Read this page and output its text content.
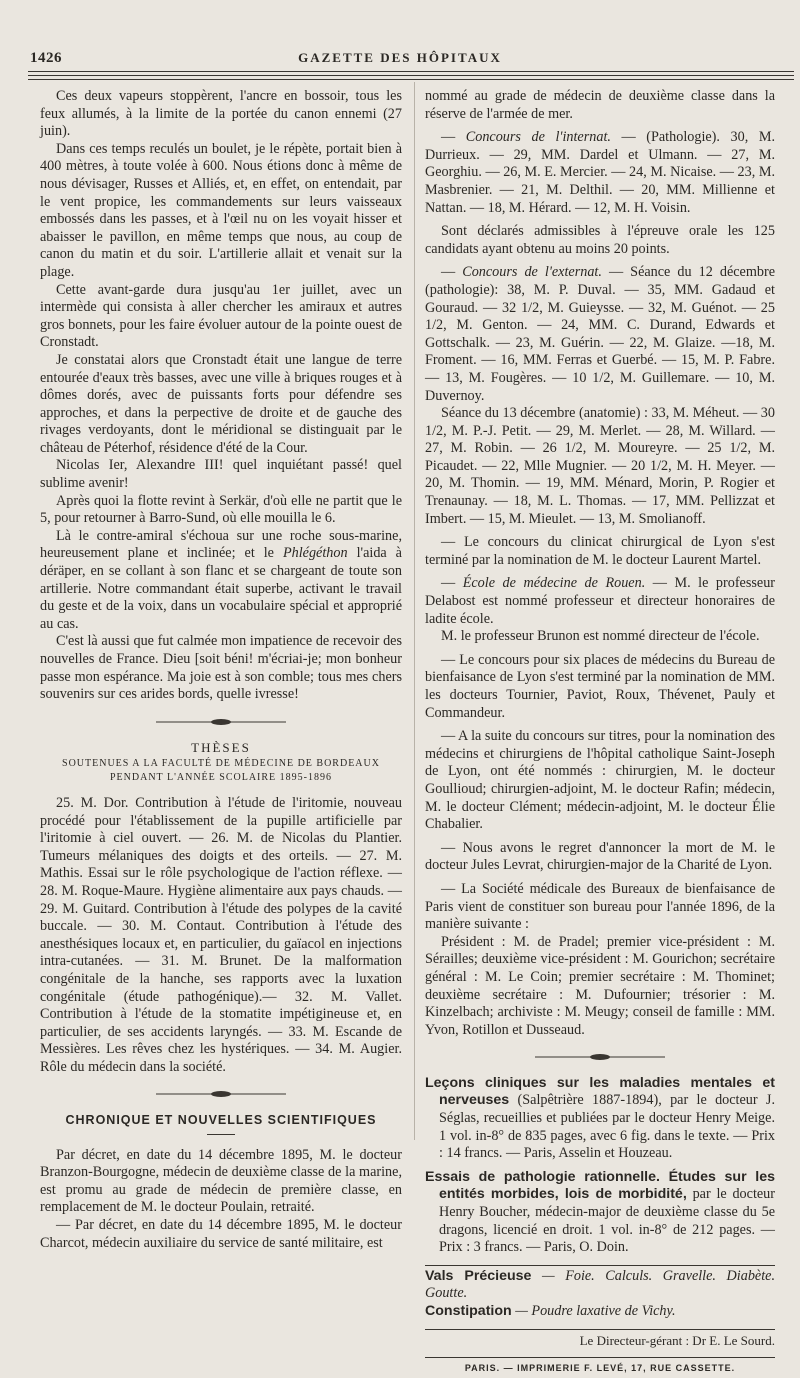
1426	GAZETTE DES HÔPITAUX

Ces deux vapeurs stoppèrent, l'ancre en bossoir, tous les feux allumés, à la limite de la portée du canon ennemi (27 juin).

Dans ces temps reculés un boulet, je le répète, portait bien à 400 mètres, à toute volée à 600. Nous étions donc à même de nous dévisager, Russes et Alliés, et, en effet, on entendait, par le vent propice, les commandements sur leurs vaisseaux embossés dans les passes, et à l'œil nu on les voyait hisser et abaisser le pavillon, en même temps que nous, au coup de canon du matin et du soir. L'artillerie allait et venait sur la plage.

Cette avant-garde dura jusqu'au 1er juillet, avec un intermède qui consista à aller chercher les amiraux et autres gros bonnets, pour les faire évoluer autour de la pointe ouest de Cronstadt.

Je constatai alors que Cronstadt était une langue de terre entourée d'eaux très basses, avec une ville à briques rouges et à dômes dorés, avec de puissants forts pour défendre ses approches, et dans la perpective de droite et de gauche des rivages verdoyants, dont le méridional se distinguait par le château de Péterhof, résidence d'été de la Cour.

Nicolas Ier, Alexandre III! quel inquiétant passé! quel sublime avenir!

Après quoi la flotte revint à Serkär, d'où elle ne partit que le 5, pour retourner à Barro-Sund, où elle mouilla le 6.

Là le contre-amiral s'échoua sur une roche sous-marine, heureusement plane et inclinée; et le Phlégéthon l'aida à déräper, en se collant à son flanc et se chargeant de toute son artillerie. Notre commandant était superbe, activant le travail du geste et de la voix, dans un vocabulaire spécial et approprié au cas.

C'est là aussi que fut calmée mon impatience de recevoir des nouvelles de France. Dieu [soit béni! m'écriai-je; mon bonheur passe mon espérance. Ma joie est à son comble; tous mes chers souvenirs sur ces arides bords, quelle ivresse!

THÈSES

SOUTENUES A LA FACULTÉ DE MÉDECINE DE BORDEAUX
PENDANT L'ANNÉE SCOLAIRE 1895-1896

25. M. Dor. Contribution à l'étude de l'iritomie, nouveau procédé pour l'établissement de la pupille artificielle par l'iritomie à ciel ouvert. — 26. M. de Nicolas du Plantier. Tumeurs mélaniques des doigts et des orteils. — 27. M. Mathis. Essai sur le rôle psychologique de l'action réflexe. — 28. M. Roque-Maure. Hygiène alimentaire aux pays chauds. — 29. M. Guitard. Contribution à l'étude des polypes de la cavité buccale. — 30. M. Contaut. Contribution à l'étude des anesthésiques locaux et, en particulier, du gaïacol en injections intra-cutanées. — 31. M. Brunet. De la malformation congénitale de la hanche, ses rapports avec la luxation congénitale (étude pathogénique).— 32. M. Vallet. Contribution à l'étude de la stomatite impétigineuse et, en particulier, de ses accidents laryngés. — 33. M. Escande de Messières. Les rêves chez les hystériques. — 34. M. Augier. Rôle du médecin dans la société.

CHRONIQUE ET NOUVELLES SCIENTIFIQUES

Par décret, en date du 14 décembre 1895, M. le docteur Branzon-Bourgogne, médecin de deuxième classe de la marine, est promu au grade de médecin de première classe, en remplacement de M. le docteur Poulain, retraité.

— Par décret, en date du 14 décembre 1895, M. le docteur Charcot, médecin auxiliaire du service de santé militaire, est

nommé au grade de médecin de deuxième classe dans la réserve de l'armée de mer.

— Concours de l'internat. — (Pathologie). 30, M. Durrieux. — 29, MM. Dardel et Ulmann. — 27, M. Georghiu. — 26, M. E. Mercier. — 24, M. Nicaise. — 23, M. Masbrenier. — 21, M. Delthil. — 20, MM. Millienne et Nattan. — 18, M. Hérard. — 12, M. H. Voisin.

Sont déclarés admissibles à l'épreuve orale les 125 candidats ayant obtenu au moins 20 points.

— Concours de l'externat. — Séance du 12 décembre (pathologie): 38, M. P. Duval. — 35, MM. Gadaud et Gouraud. — 32 1/2, M. Guieysse. — 32, M. Guénot. — 25 1/2, M. Genton. — 24, MM. C. Durand, Edwards et Gottschalk. — 23, M. Guérin. — 22, M. Glaize. —18, M. Froment. — 16, MM. Ferras et Guerbé. — 15, M. P. Fabre. — 13, M. Fougères. — 10 1/2, M. Guillemare. — 10, M. Duvernoy.

Séance du 13 décembre (anatomie) : 33, M. Méheut. — 30 1/2, M. P.-J. Petit. — 29, M. Merlet. — 28, M. Willard. — 27, M. Robin. — 26 1/2, M. Moureyre. — 25 1/2, M. Picaudet. — 22, Mlle Mugnier. — 20 1/2, M. H. Meyer. — 20, M. Thomin. — 19, MM. Ménard, Morin, P. Rogier et Trenaunay. — 18, M. L. Thomas. — 17, MM. Pellizzat et Imbert. — 15, M. Mieulet. — 13, M. Smolianoff.

— Le concours du clinicat chirurgical de Lyon s'est terminé par la nomination de M. le docteur Laurent Martel.

— École de médecine de Rouen. — M. le professeur Delabost est nommé professeur et directeur honoraires de ladite école.

M. le professeur Brunon est nommé directeur de l'école.

— Le concours pour six places de médecins du Bureau de bienfaisance de Lyon s'est terminé par la nomination de MM. les docteurs Tournier, Paviot, Roux, Thévenet, Pauly et Commandeur.

— A la suite du concours sur titres, pour la nomination des médecins et chirurgiens de l'hôpital catholique Saint-Joseph de Lyon, ont été nommés : chirurgien, M. le docteur Goullioud; chirurgien-adjoint, M. le docteur Rafin; médecin, M. le docteur Clément; médecin-adjoint, M. le docteur Élie Chabalier.

— Nous avons le regret d'annoncer la mort de M. le docteur Jules Levrat, chirurgien-major de la Charité de Lyon.

— La Société médicale des Bureaux de bienfaisance de Paris vient de constituer son bureau pour l'année 1896, de la manière suivante :

Président : M. de Pradel; premier vice-président : M. Sérailles; deuxième vice-président : M. Gourichon; secrétaire général : M. Le Coin; premier secrétaire : M. Thominet; deuxième secrétaire : M. Dufournier; trésorier : M. Kinzelbach; archiviste : M. Meugy; conseil de famille : MM. Yvon, Rotillon et Dusseaud.

Leçons cliniques sur les maladies mentales et nerveuses (Salpêtrière 1887-1894), par le docteur J. Séglas, recueillies et publiées par le docteur Henry Meige. 1 vol. in-8° de 835 pages, avec 6 fig. dans le texte. — Prix : 14 francs. — Paris, Asselin et Houzeau.

Essais de pathologie rationnelle. Études sur les entités morbides, lois de morbidité, par le docteur Henry Boucher, médecin-major de deuxième classe du 5e dragons, licencié en droit. 1 vol. in-8° de 212 pages. — Prix : 3 francs. — Paris, O. Doin.

Vals Précieuse — Foie. Calculs. Gravelle. Diabète. Goutte.

Constipation — Poudre laxative de Vichy.

Le Directeur-gérant : Dr E. Le Sourd.

PARIS. — IMPRIMERIE F. LEVÉ, 17, RUE CASSETTE.
